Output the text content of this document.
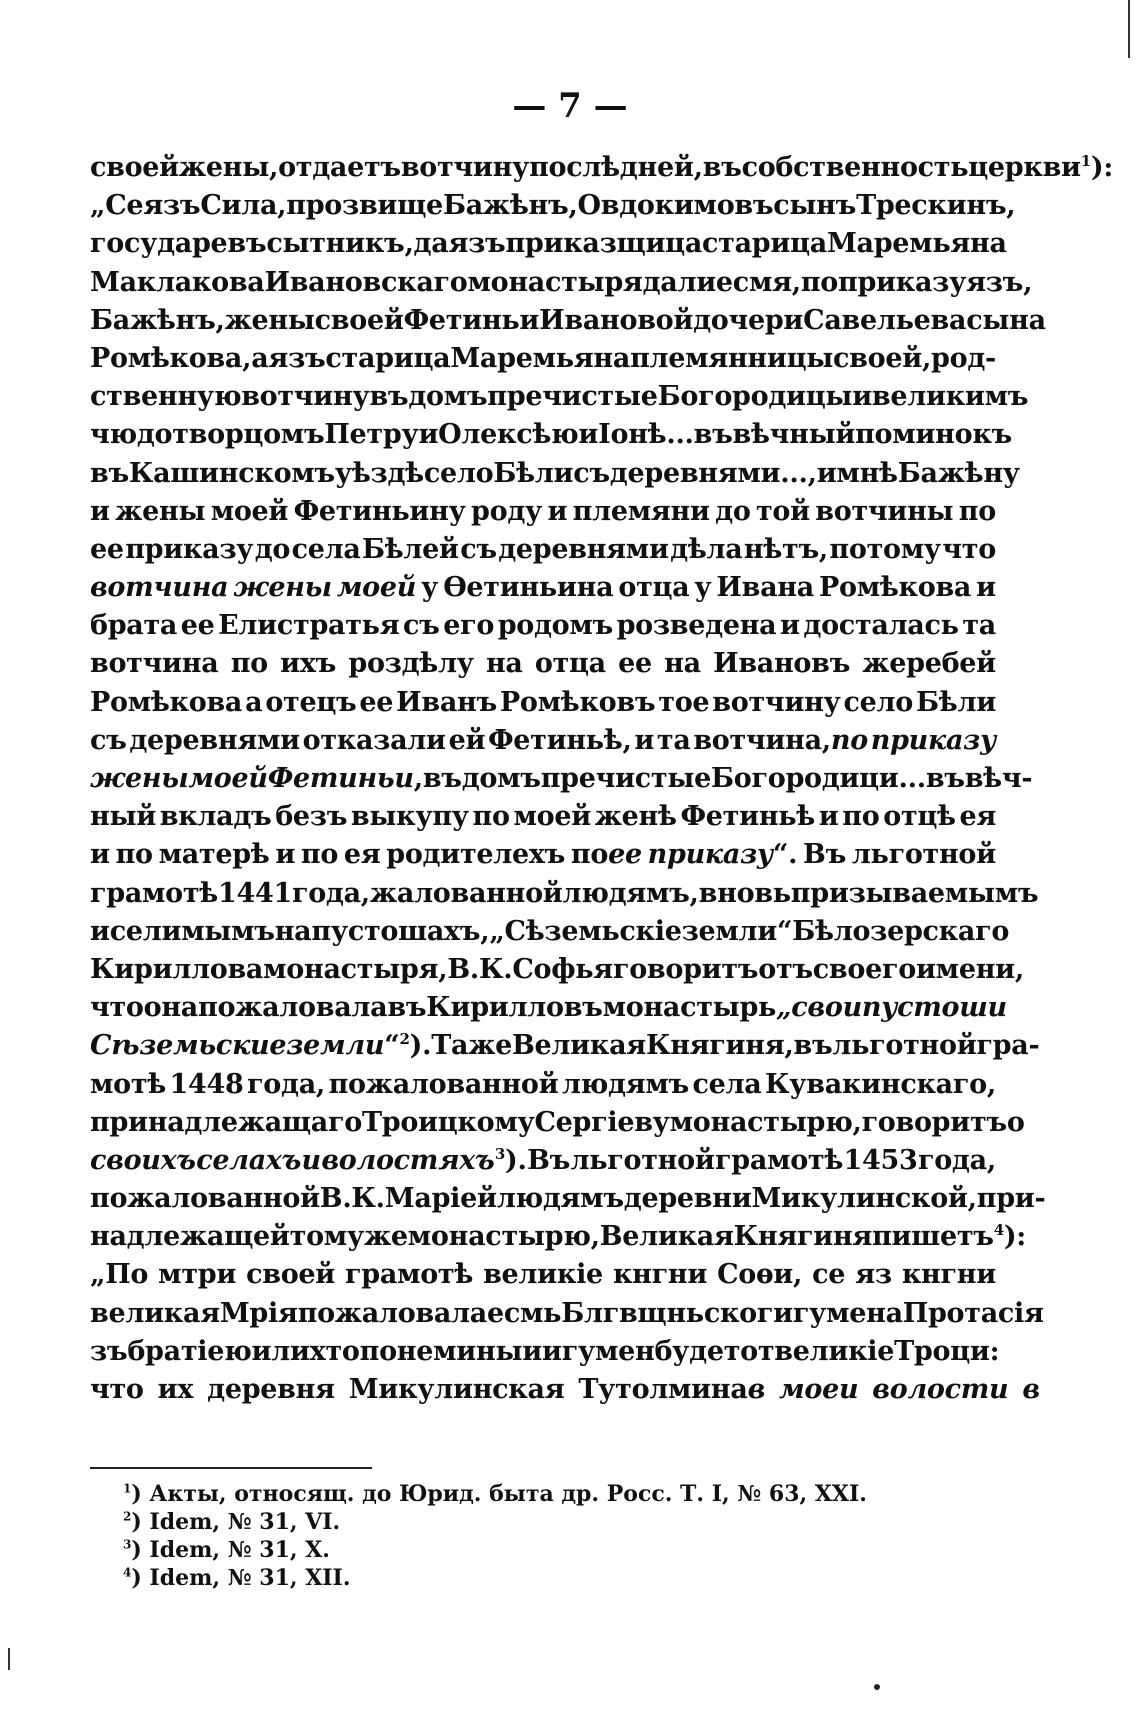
— 7 —
своей жены, отдаетъ вотчину послѣдней, въ собственность церкви $^1$):
„Се язъ Сила, прозвище Бажѣнъ, Овдокимовъ сынъ Трескинъ,
государевъ сытникъ, да язъ приказщица старица Маремьяна
Маклакова Ивановскаго монастыря дали есмя, по приказу язъ,
Бажѣнъ, жены своей Фетиньи Ивановой дочери Савельева сына
Ромѣкова, а язъ старица Маремьяна племянницы своей, род-
ственную вотчину въ домъ пречистые Богородицы и великимъ
чюдотворцомъ Петру и Олексѣю и Іонѣ... въ вѣчный поминокъ
въ Кашинскомъ уѣздѣ село Бѣли съ деревнями..., и мнѣ Бажѣну
и жены моей Фетиньину роду и племяни до той вотчины по
ее приказу до села Бѣлей съ деревнями дѣла нѣтъ, потому что
вотчина жены моей у Ѳетиньина отца у Ивана Ромѣкова и
брата ее Елистратья съ его родомъ розведена и досталась та
вотчина по ихъ роздѣлу на отца ее на Ивановъ жеребей
Ромѣкова а отецъ ее Иванъ Ромѣковъ тое вотчину село Бѣли
съ деревнями отказали ей Фетиньѣ, и та вотчина,по приказу
жены моей Фетиньи, въ домъ пречистые Богородици... въ вѣч-
ный вкладъ безъ выкупу по моей женѣ Фетиньѣ и по отцѣ ея
и по матерѣ и по ея родителехъ поее приказу“. Въ льготной
грамотѣ 1441 года, жалованной людямъ, вновь призываемымъ
и селимымъ на пустошахъ, „Сѣземьскіе земли“ Бѣлозерскаго
Кириллова монастыря, В. К. Софья говоритъ отъ своего имени,
что она пожаловала въ Кирилловъ монастырь„свои пустоши
Сѣземьские земли“ $^2$). Та же Великая Княгиня, въ льготной гра-
мотѣ 1448 года, пожалованной людямъ села Кувакинскаго,
принадлежащаго Троицкому Сергіеву монастырю, говоритъ о
своихъ селахъ и волостяхъ $^3$). Въ льготной грамотѣ 1453 года,
пожалованной В. К. Маріей людямъ деревни Микулинской, при-
надлежащей тому же монастырю, Великая Княгиня пишетъ $^4$):
„По мтри своей грамотѣ великіе кнгни Соѳи, се яз кнгни
великая Мрія пожаловала есмь Блгвщньског игумена Протасія
зъ братіею или хто по нем иныи игумен будет от великіе Троци:
что их деревня Микулинская Тутолминав моеи волости в
$^1$) Акты, относящ. до Юрид. быта др. Росс. Т. I, № 63, XXI.
$^2$) Idem, № 31, VI.
$^3$) Idem, № 31, X.
$^4$) Idem, № 31, XII.
